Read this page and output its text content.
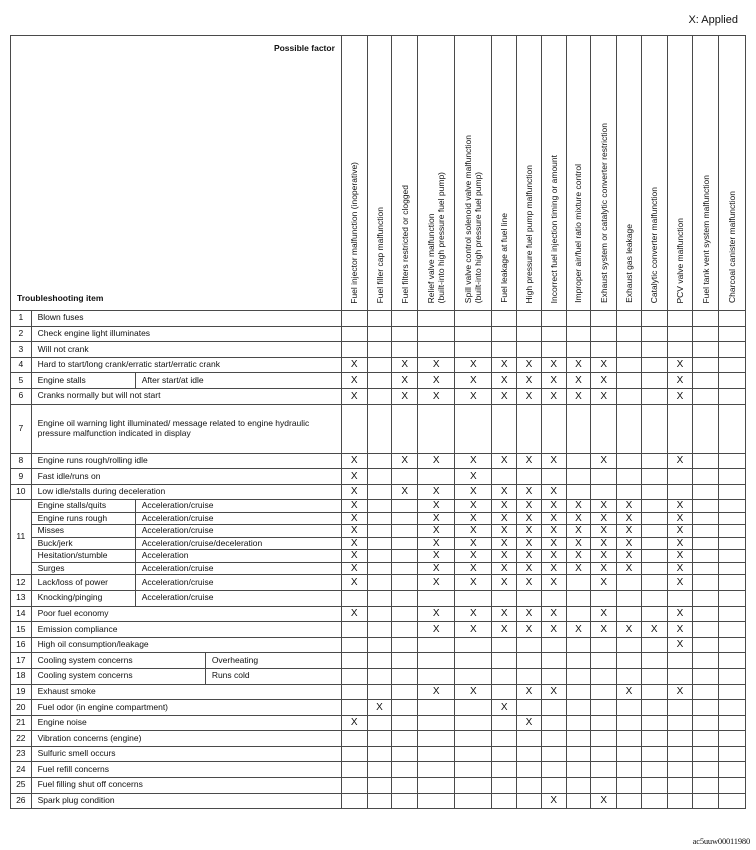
X: Applied
Possible factor
Troubleshooting item				Fuel injector malfunction (inoperative)	Fuel filler cap malfunction	Fuel filters restricted or clogged	Relief valve malfunction
(built-into high pressure fuel pump)	Spill valve control solenoid valve malfunction
(built-into high pressure fuel pump)	Fuel leakage at fuel line	High pressure fuel pump malfunction	Incorrect fuel injection timing or amount	Improper air/fuel ratio mixture control	Exhaust system or catalytic converter restriction	Exhaust gas leakage	Catalytic converter malfunction	PCV valve malfunction	Fuel tank vent system malfunction	Charcoal canister malfunction
1	Blown fuses																	
2	Check engine light illuminates																	
3	Will not crank																	
4	Hard to start/long crank/erratic start/erratic crank			X		X	X	X	X	X	X	X	X			X		
5	Engine stalls	After start/at idle		X		X	X	X	X	X	X	X	X			X		
6	Cranks normally but will not start			X		X	X	X	X	X	X	X	X			X		
7	Engine oil warning light illuminated/ message related to engine hydraulic pressure malfunction indicated in display																	
8	Engine runs rough/rolling idle			X		X	X	X	X	X	X		X			X		
9	Fast idle/runs on			X				X										
10	Low idle/stalls during deceleration			X		X	X	X	X	X	X							
11	Engine stalls/quits	Acceleration/cruise		X			X	X	X	X	X	X	X	X		X		
	Engine runs rough	Acceleration/cruise		X			X	X	X	X	X	X	X	X		X		
	Misses	Acceleration/cruise		X			X	X	X	X	X	X	X	X		X		
	Buck/jerk	Acceleration/cruise/deceleration		X			X	X	X	X	X	X	X	X		X		
	Hesitation/stumble	Acceleration		X			X	X	X	X	X	X	X	X		X		
	Surges	Acceleration/cruise		X			X	X	X	X	X	X	X	X		X		
12	Lack/loss of power	Acceleration/cruise		X			X	X	X	X	X		X			X		
13	Knocking/pinging	Acceleration/cruise																
14	Poor fuel economy			X			X	X	X	X	X		X			X		
15	Emission compliance						X	X	X	X	X	X	X	X	X	X		
16	High oil consumption/leakage															X		
17	Cooling system concerns		Overheating															
18	Cooling system concerns		Runs cold															
19	Exhaust smoke						X	X		X	X			X		X		
20	Fuel odor (in engine compartment)				X				X									
21	Engine noise			X						X								
22	Vibration concerns (engine)																	
23	Sulfuric smell occurs																	
24	Fuel refill concerns																	
25	Fuel filling shut off concerns																	
26	Spark plug condition										X		X					
ac5uuw00011980
